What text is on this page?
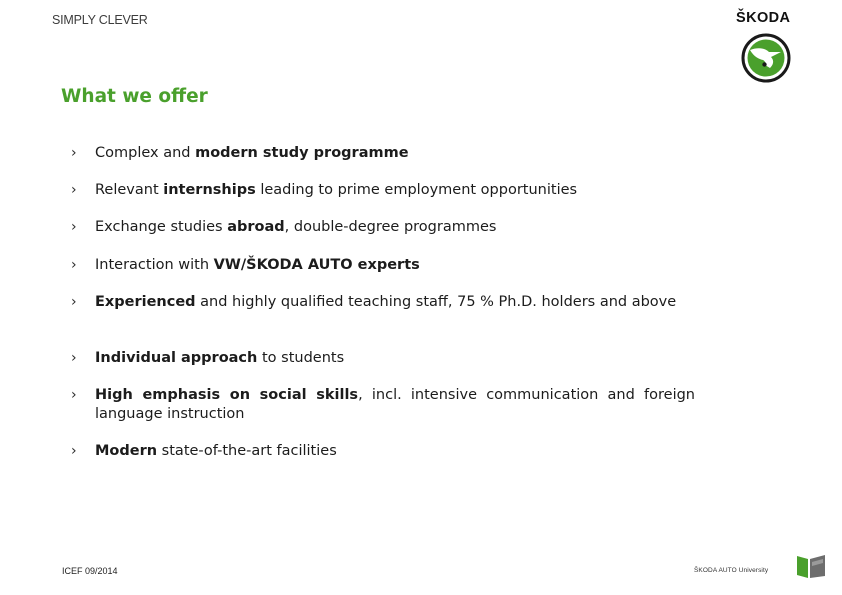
SIMPLY CLEVER	ŠKODA
What we offer
› Complex and modern study programme
› Relevant internships leading to prime employment opportunities
› Exchange studies abroad, double-degree programmes
› Interaction with VW/ŠKODA AUTO experts
› Experienced and highly qualified teaching staff, 75 % Ph.D. holders and above
› Individual approach to students
› High emphasis on social skills, incl. intensive communication and foreign language instruction
› Modern state-of-the-art facilities
ICEF 09/2014	ŠKODA AUTO University
